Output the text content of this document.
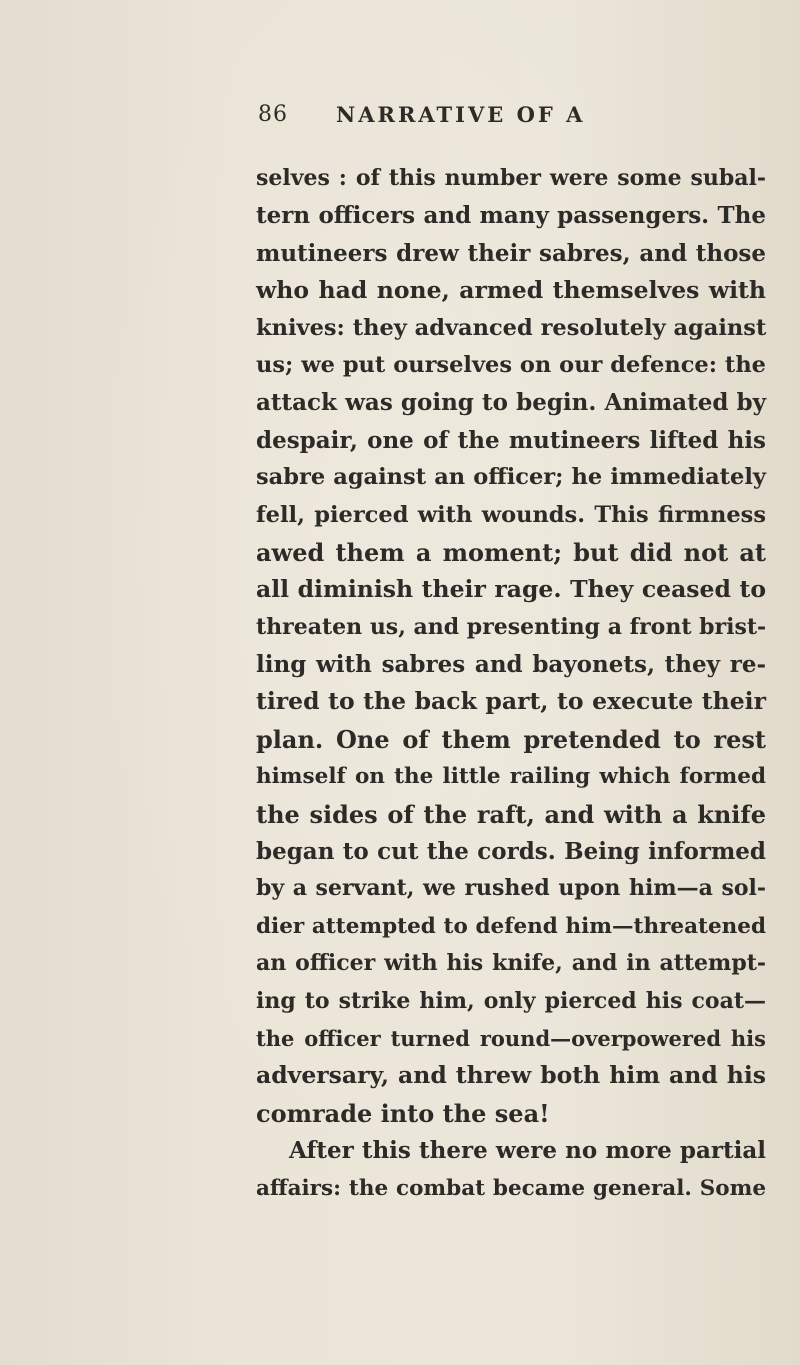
86 NARRATIVE OF A
selves : of this number were some subal-
tern officers and many passengers. The
mutineers drew their sabres, and those
who had none, armed themselves with
knives: they advanced resolutely against
us; we put ourselves on our defence: the
attack was going to begin. Animated by
despair, one of the mutineers lifted his
sabre against an officer; he immediately
fell, pierced with wounds. This firmness
awed them a moment; but did not at
all diminish their rage. They ceased to
threaten us, and presenting a front brist-
ling with sabres and bayonets, they re-
tired to the back part, to execute their
plan. One of them pretended to rest
himself on the little railing which formed
the sides of the raft, and with a knife
began to cut the cords. Being informed
by a servant, we rushed upon him—a sol-
dier attempted to defend him—threatened
an officer with his knife, and in attempt-
ing to strike him, only pierced his coat—
the officer turned round—overpowered his
adversary, and threw both him and his
comrade into the sea!
After this there were no more partial
affairs: the combat became general. Some
